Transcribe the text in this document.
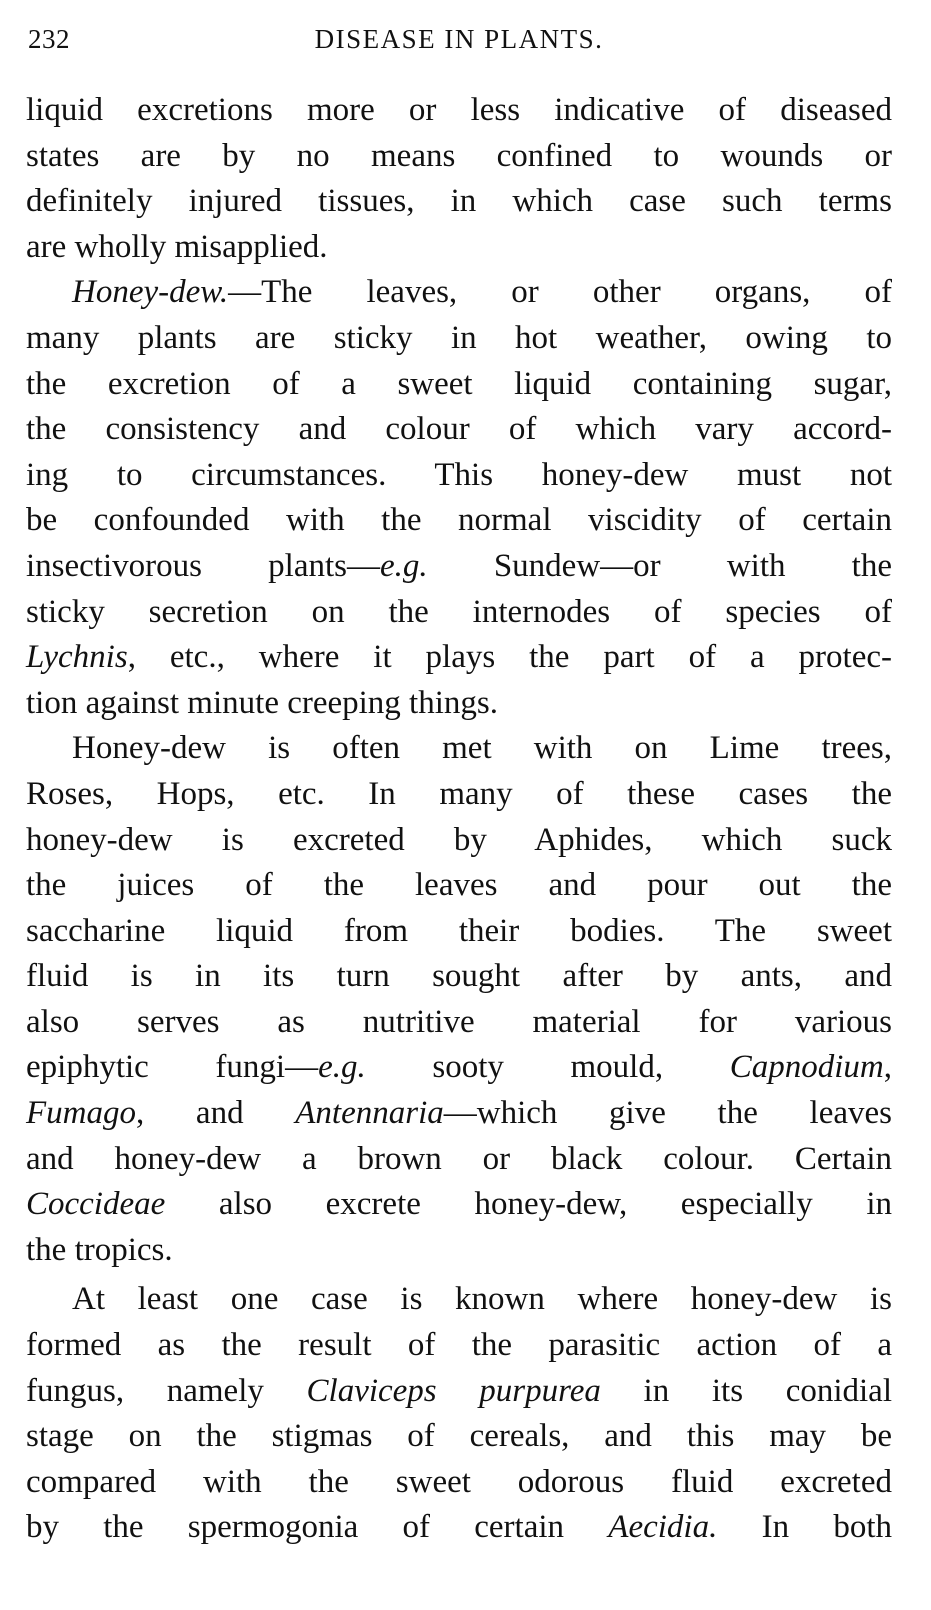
232	DISEASE IN PLANTS.
liquid excretions more or less indicative of diseased
states are by no means confined to wounds or
definitely injured tissues, in which case such terms
are wholly misapplied.
Honey-dew.—The leaves, or other organs, of
many plants are sticky in hot weather, owing to
the excretion of a sweet liquid containing sugar,
the consistency and colour of which vary accord-
ing to circumstances. This honey-dew must not
be confounded with the normal viscidity of certain
insectivorous plants—e.g. Sundew—or with the
sticky secretion on the internodes of species of
Lychnis, etc., where it plays the part of a protec-
tion against minute creeping things.
Honey-dew is often met with on Lime trees,
Roses, Hops, etc. In many of these cases the
honey-dew is excreted by Aphides, which suck
the juices of the leaves and pour out the
saccharine liquid from their bodies. The sweet
fluid is in its turn sought after by ants, and
also serves as nutritive material for various
epiphytic fungi—e.g. sooty mould, Capnodium,
Fumago, and Antennaria—which give the leaves
and honey-dew a brown or black colour. Certain
Coccideae also excrete honey-dew, especially in
the tropics.
At least one case is known where honey-dew is
formed as the result of the parasitic action of a
fungus, namely Claviceps purpurea in its conidial
stage on the stigmas of cereals, and this may be
compared with the sweet odorous fluid excreted
by the spermogonia of certain Aecidia. In both
